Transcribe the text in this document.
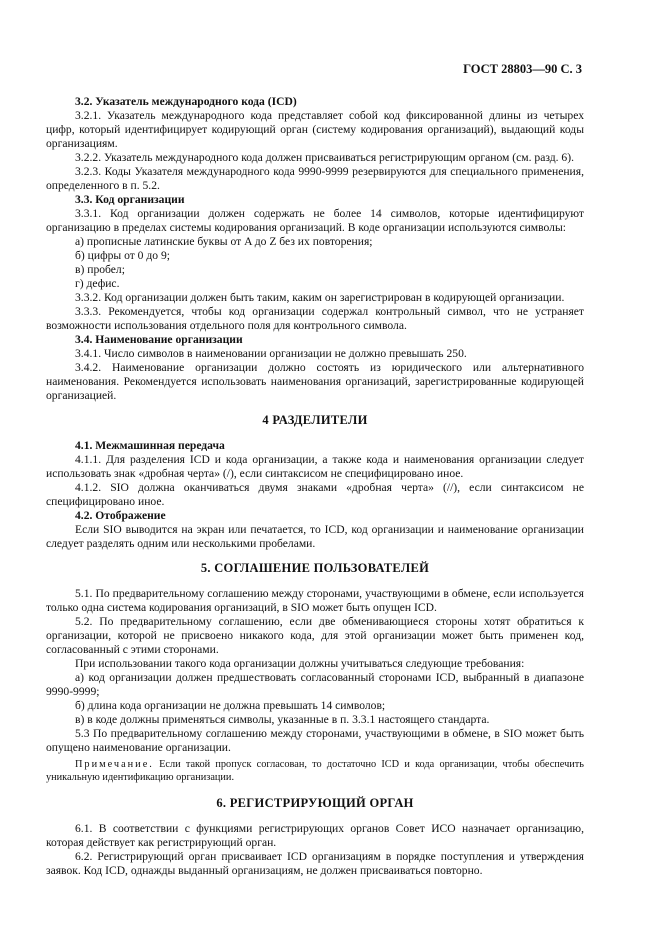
ГОСТ 28803—90 С. 3

3.2. Указатель международного кода (ICD)

3.2.1. Указатель международного кода представляет собой код фиксированной длины из четырех цифр, который идентифицирует кодирующий орган (систему кодирования организаций), выдающий коды организациям.

3.2.2. Указатель международного кода должен присваиваться регистрирующим органом (см. разд. 6).

3.2.3. Коды Указателя международного кода 9990-9999 резервируются для специального применения, определенного в п. 5.2.

3.3. Код организации

3.3.1. Код организации должен содержать не более 14 символов, которые идентифицируют организацию в пределах системы кодирования организаций. В коде организации используются символы:

а) прописные латинские буквы от A до Z без их повторения;

б) цифры от 0 до 9;

в) пробел;

г) дефис.

3.3.2. Код организации должен быть таким, каким он зарегистрирован в кодирующей организации.

3.3.3. Рекомендуется, чтобы код организации содержал контрольный символ, что не устраняет возможности использования отдельного поля для контрольного символа.

3.4. Наименование организации

3.4.1. Число символов в наименовании организации не должно превышать 250.

3.4.2. Наименование организации должно состоять из юридического или альтернативного наименования. Рекомендуется использовать наименования организаций, зарегистрированные кодирующей организацией.

4 РАЗДЕЛИТЕЛИ

4.1. Межмашинная передача

4.1.1. Для разделения ICD и кода организации, а также кода и наименования организации следует использовать знак «дробная черта» (/), если синтаксисом не специфицировано иное.

4.1.2. SIO должна оканчиваться двумя знаками «дробная черта» (//), если синтаксисом не специфицировано иное.

4.2. Отображение

Если SIO выводится на экран или печатается, то ICD, код организации и наименование организации следует разделять одним или несколькими пробелами.

5. СОГЛАШЕНИЕ ПОЛЬЗОВАТЕЛЕЙ

5.1. По предварительному соглашению между сторонами, участвующими в обмене, если используется только одна система кодирования организаций, в SIO может быть опущен ICD.

5.2. По предварительному соглашению, если две обменивающиеся стороны хотят обратиться к организации, которой не присвоено никакого кода, для этой организации может быть применен код, согласованный с этими сторонами.

При использовании такого кода организации должны учитываться следующие требования:

а) код организации должен предшествовать согласованный сторонами ICD, выбранный в диапазоне 9990-9999;

б) длина кода организации не должна превышать 14 символов;

в) в коде должны применяться символы, указанные в п. 3.3.1 настоящего стандарта.

5.3 По предварительному соглашению между сторонами, участвующими в обмене, в SIO может быть опущено наименование организации.

Примечание. Если такой пропуск согласован, то достаточно ICD и кода организации, чтобы обеспечить уникальную идентификацию организации.

6. РЕГИСТРИРУЮЩИЙ ОРГАН

6.1. В соответствии с функциями регистрирующих органов Совет ИСО назначает организацию, которая действует как регистрирующий орган.

6.2. Регистрирующий орган присваивает ICD организациям в порядке поступления и утверждения заявок. Код ICD, однажды выданный организациям, не должен присваиваться повторно.
